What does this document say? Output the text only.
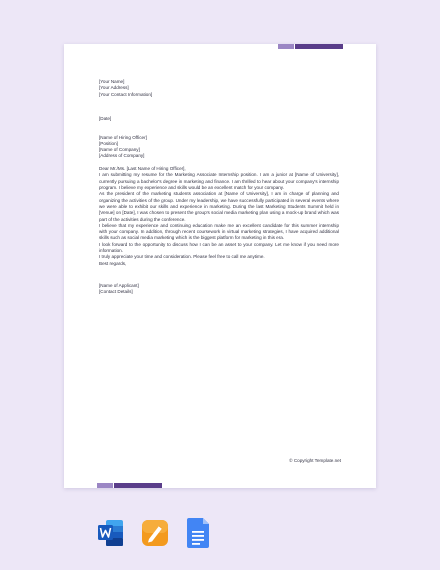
[Your Name]

[Your Address]

[Your Contact Information]

[Date]

[Name of Hiring Officer]

[Position]

[Name of Company]

[Address of Company]

Dear Mr./Ms. [Last Name of Hiring Officer],

I am submitting my resume for the Marketing Associate Internship position. I am a junior at [Name of University], currently pursuing a bachelor's degree in marketing and finance. I am thrilled to hear about your company's internship program. I believe my experience and skills would be an excellent match for your company.

As the president of the marketing students association at [Name of University], I am in charge of planning and organizing the activities of the group. Under my leadership, we have successfully participated in several events where we were able to exhibit our skills and experience in marketing. During the last Marketing Students Summit held in [Venue] on [Date], I was chosen to present the group's social media marketing plan using a mock-up brand which was part of the activities during the conference.

I believe that my experience and continuing education make me an excellent candidate for this summer internship with your company. In addition, through recent coursework in virtual marketing strategies, I have acquired additional skills such as social media marketing which is the biggest platform for marketing in this era.

I look forward to the opportunity to discuss how I can be an asset to your company. Let me know if you need more information.

I truly appreciate your time and consideration. Please feel free to call me anytime.

Best regards,

[Name of Applicant]

[Contact Details]

© Copyright Template.net
